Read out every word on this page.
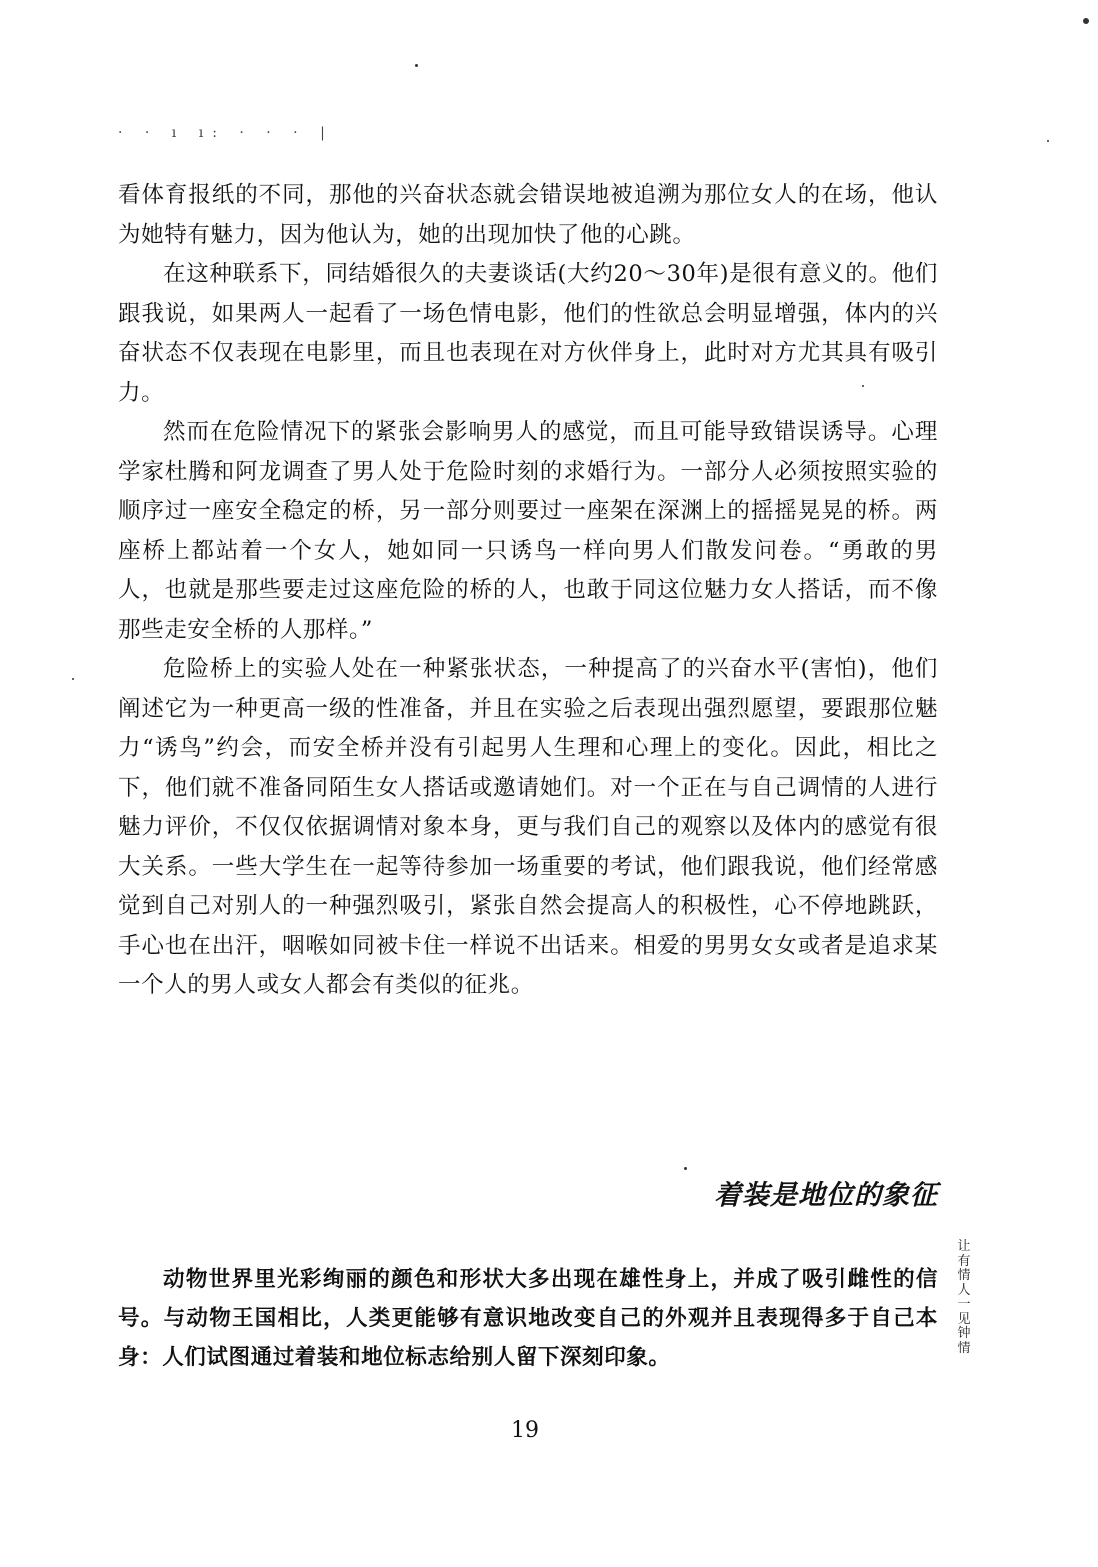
· · ı ı: · · · |

看体育报纸的不同，那他的兴奋状态就会错误地被追溯为那位女人的在场，他认为她特有魅力，因为他认为，她的出现加快了他的心跳。

在这种联系下，同结婚很久的夫妻谈话(大约20～30年)是很有意义的。他们跟我说，如果两人一起看了一场色情电影，他们的性欲总会明显增强，体内的兴奋状态不仅表现在电影里，而且也表现在对方伙伴身上，此时对方尤其具有吸引力。

然而在危险情况下的紧张会影响男人的感觉，而且可能导致错误诱导。心理学家杜腾和阿龙调查了男人处于危险时刻的求婚行为。一部分人必须按照实验的顺序过一座安全稳定的桥，另一部分则要过一座架在深渊上的摇摇晃晃的桥。两座桥上都站着一个女人，她如同一只诱鸟一样向男人们散发问卷。“勇敢的男人，也就是那些要走过这座危险的桥的人，也敢于同这位魅力女人搭话，而不像那些走安全桥的人那样。”

危险桥上的实验人处在一种紧张状态，一种提高了的兴奋水平(害怕)，他们阐述它为一种更高一级的性准备，并且在实验之后表现出强烈愿望，要跟那位魅力“诱鸟”约会，而安全桥并没有引起男人生理和心理上的变化。因此，相比之下，他们就不准备同陌生女人搭话或邀请她们。对一个正在与自己调情的人进行魅力评价，不仅仅依据调情对象本身，更与我们自己的观察以及体内的感觉有很大关系。一些大学生在一起等待参加一场重要的考试，他们跟我说，他们经常感觉到自己对别人的一种强烈吸引，紧张自然会提高人的积极性，心不停地跳跃，手心也在出汗，咽喉如同被卡住一样说不出话来。相爱的男男女女或者是追求某一个人的男人或女人都会有类似的征兆。

着装是地位的象征

动物世界里光彩绚丽的颜色和形状大多出现在雄性身上，并成了吸引雌性的信号。与动物王国相比，人类更能够有意识地改变自己的外观并且表现得多于自己本身：人们试图通过着装和地位标志给别人留下深刻印象。

让有情人一见钟情
19
